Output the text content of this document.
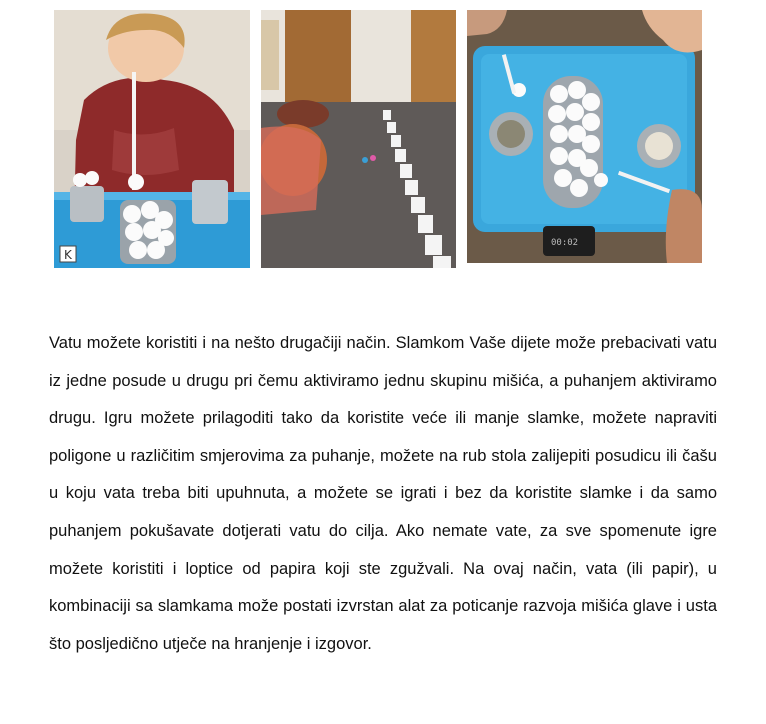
K
00:02

Vatu možete koristiti i na nešto drugačiji način. Slamkom Vaše dijete može prebacivati vatu iz jedne posude u drugu pri čemu aktiviramo jednu skupinu mišića, a puhanjem aktiviramo drugu. Igru možete prilagoditi tako da koristite veće ili manje slamke, možete napraviti poligone u različitim smjerovima za puhanje, možete na rub stola zalijepiti posudicu ili čašu u koju vata treba biti upuhnuta, a možete se igrati i bez da koristite slamke i da samo puhanjem pokušavate dotjerati vatu do cilja. Ako nemate vate, za sve spomenute igre možete koristiti i loptice od papira koji ste zgužvali. Na ovaj način, vata (ili papir), u kombinaciji sa slamkama može postati izvrstan alat za poticanje razvoja mišića glave i usta što posljedično utječe na hranjenje i izgovor.
